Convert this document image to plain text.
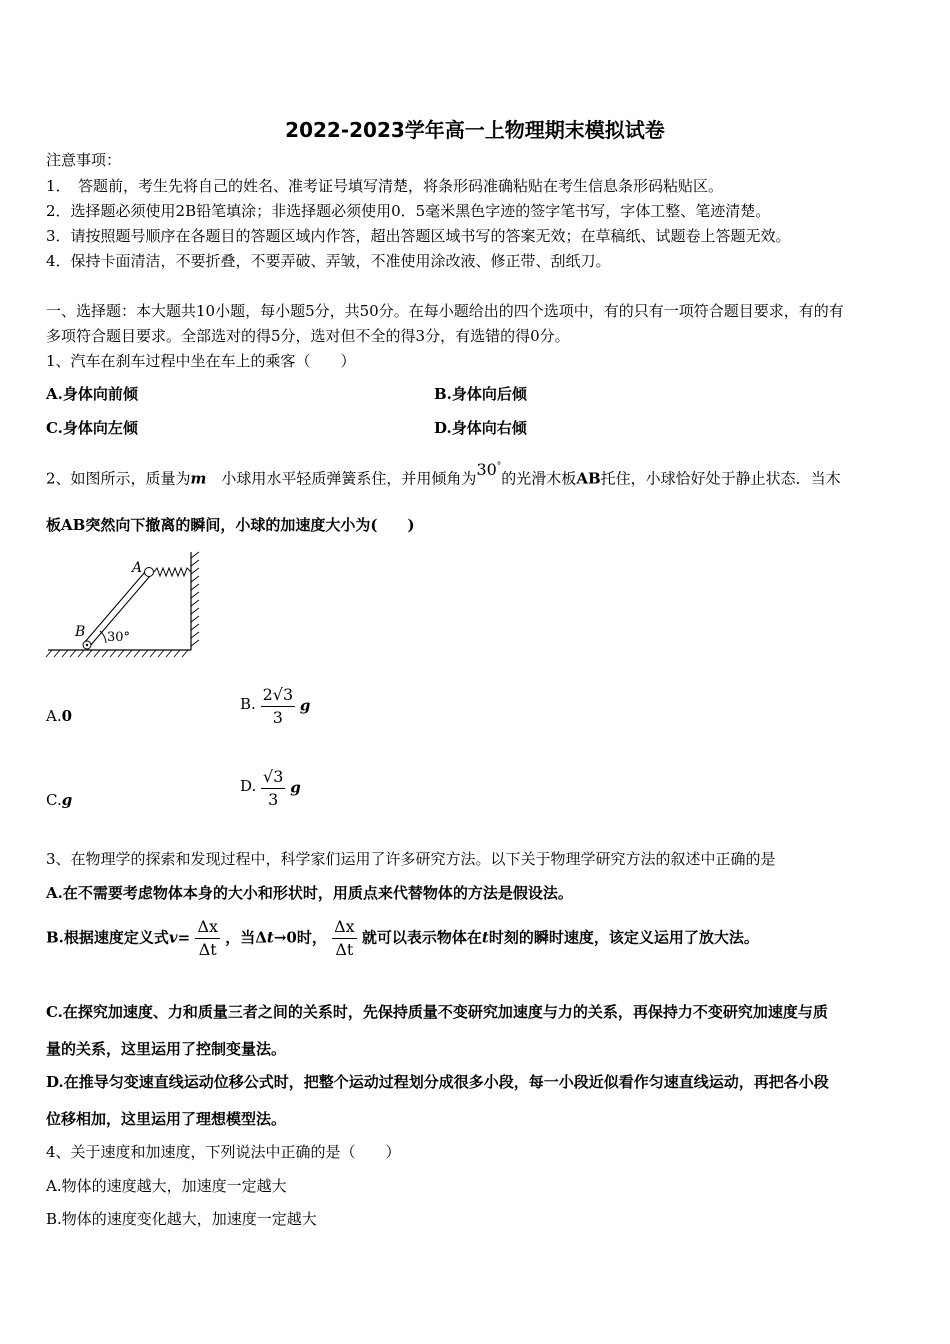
2022-2023学年高一上物理期末模拟试卷
注意事项：
1．　答题前，考生先将自己的姓名、准考证号填写清楚，将条形码准确粘贴在考生信息条形码粘贴区。
2．选择题必须使用2B铅笔填涂；非选择题必须使用0．5毫米黑色字迹的签字笔书写，字体工整、笔迹清楚。
3．请按照题号顺序在各题目的答题区域内作答，超出答题区域书写的答案无效；在草稿纸、试题卷上答题无效。
4．保持卡面清洁，不要折叠，不要弄破、弄皱，不准使用涂改液、修正带、刮纸刀。
一、选择题：本大题共10小题，每小题5分，共50分。在每小题给出的四个选项中，有的只有一项符合题目要求，有的有
多项符合题目要求。全部选对的得5分，选对但不全的得3分，有选错的得0分。
1、汽车在刹车过程中坐在车上的乘客（　　）
A.身体向前倾	B.身体向后倾
C.身体向左倾	D.身体向右倾
2、如图所示，质量为m　小球用水平轻质弹簧系住，并用倾角为30°的光滑木板AB托住，小球恰好处于静止状态．当木
板AB突然向下撤离的瞬间，小球的加速度大小为(　　)
A
B 30°
A.0
B. $\frac{2√3}{3}$ g
C.g
D. $\frac{√3}{3}$ g
3、在物理学的探索和发现过程中，科学家们运用了许多研究方法。以下关于物理学研究方法的叙述中正确的是
A.在不需要考虑物体本身的大小和形状时，用质点来代替物体的方法是假设法。
B.根据速度定义式$v= \frac{\Delta x}{\Delta t}$ ，当Δt→0时， $\frac{\Delta x}{\Delta t}$ 就可以表示物体在t时刻的瞬时速度，该定义运用了放大法。
C.在探究加速度、力和质量三者之间的关系时，先保持质量不变研究加速度与力的关系，再保持力不变研究加速度与质
量的关系，这里运用了控制变量法。
D.在推导匀变速直线运动位移公式时，把整个运动过程划分成很多小段，每一小段近似看作匀速直线运动，再把各小段
位移相加，这里运用了理想模型法。
4、关于速度和加速度，下列说法中正确的是（　　）
A.物体的速度越大，加速度一定越大
B.物体的速度变化越大，加速度一定越大
